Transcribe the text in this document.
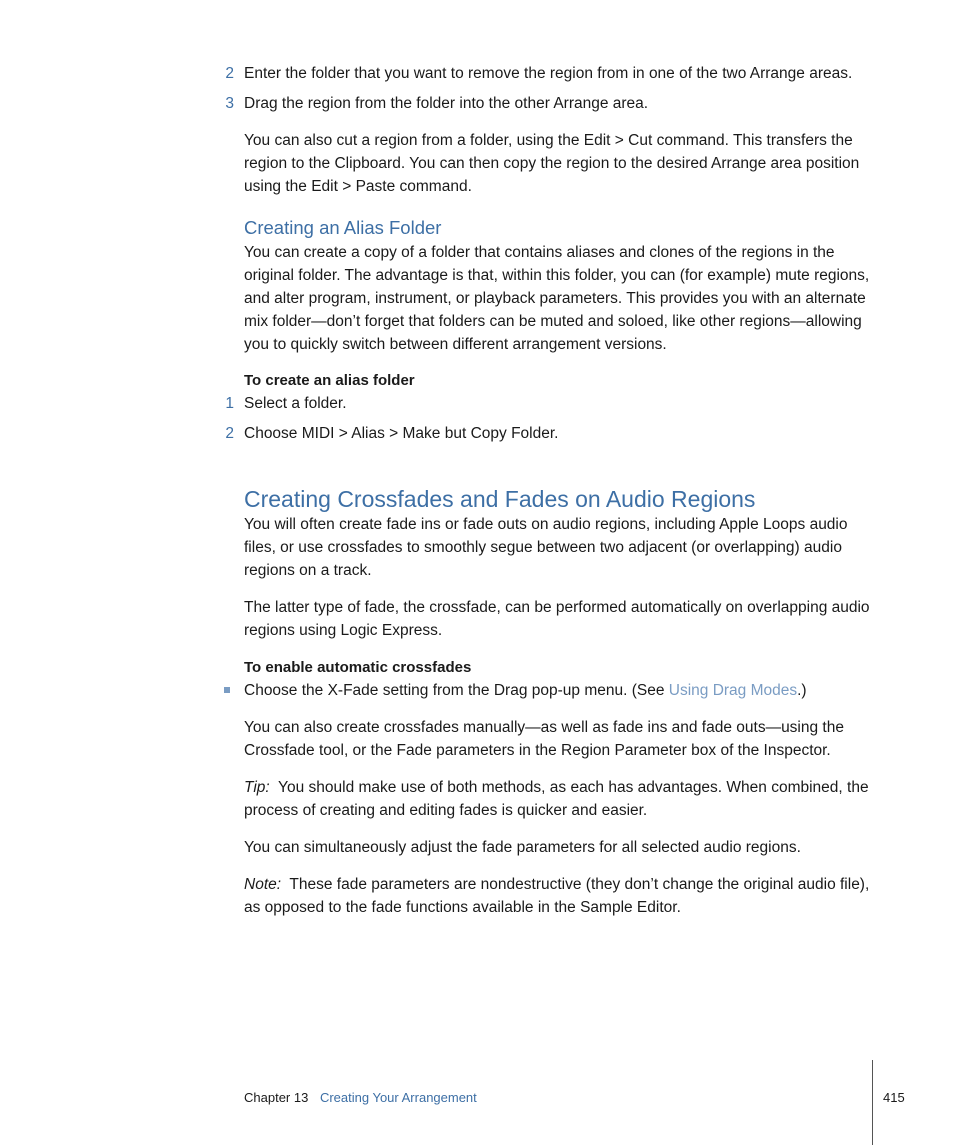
2 Enter the folder that you want to remove the region from in one of the two Arrange areas.
3 Drag the region from the folder into the other Arrange area.
You can also cut a region from a folder, using the Edit > Cut command. This transfers the region to the Clipboard. You can then copy the region to the desired Arrange area position using the Edit > Paste command.
Creating an Alias Folder
You can create a copy of a folder that contains aliases and clones of the regions in the original folder. The advantage is that, within this folder, you can (for example) mute regions, and alter program, instrument, or playback parameters. This provides you with an alternate mix folder—don’t forget that folders can be muted and soloed, like other regions—allowing you to quickly switch between different arrangement versions.
To create an alias folder
1 Select a folder.
2 Choose MIDI > Alias > Make but Copy Folder.
Creating Crossfades and Fades on Audio Regions
You will often create fade ins or fade outs on audio regions, including Apple Loops audio files, or use crossfades to smoothly segue between two adjacent (or overlapping) audio regions on a track.
The latter type of fade, the crossfade, can be performed automatically on overlapping audio regions using Logic Express.
To enable automatic crossfades
Choose the X-Fade setting from the Drag pop-up menu. (See Using Drag Modes.)
You can also create crossfades manually—as well as fade ins and fade outs—using the Crossfade tool, or the Fade parameters in the Region Parameter box of the Inspector.
Tip: You should make use of both methods, as each has advantages. When combined, the process of creating and editing fades is quicker and easier.
You can simultaneously adjust the fade parameters for all selected audio regions.
Note: These fade parameters are nondestructive (they don’t change the original audio file), as opposed to the fade functions available in the Sample Editor.
Chapter 13 Creating Your Arrangement	415
